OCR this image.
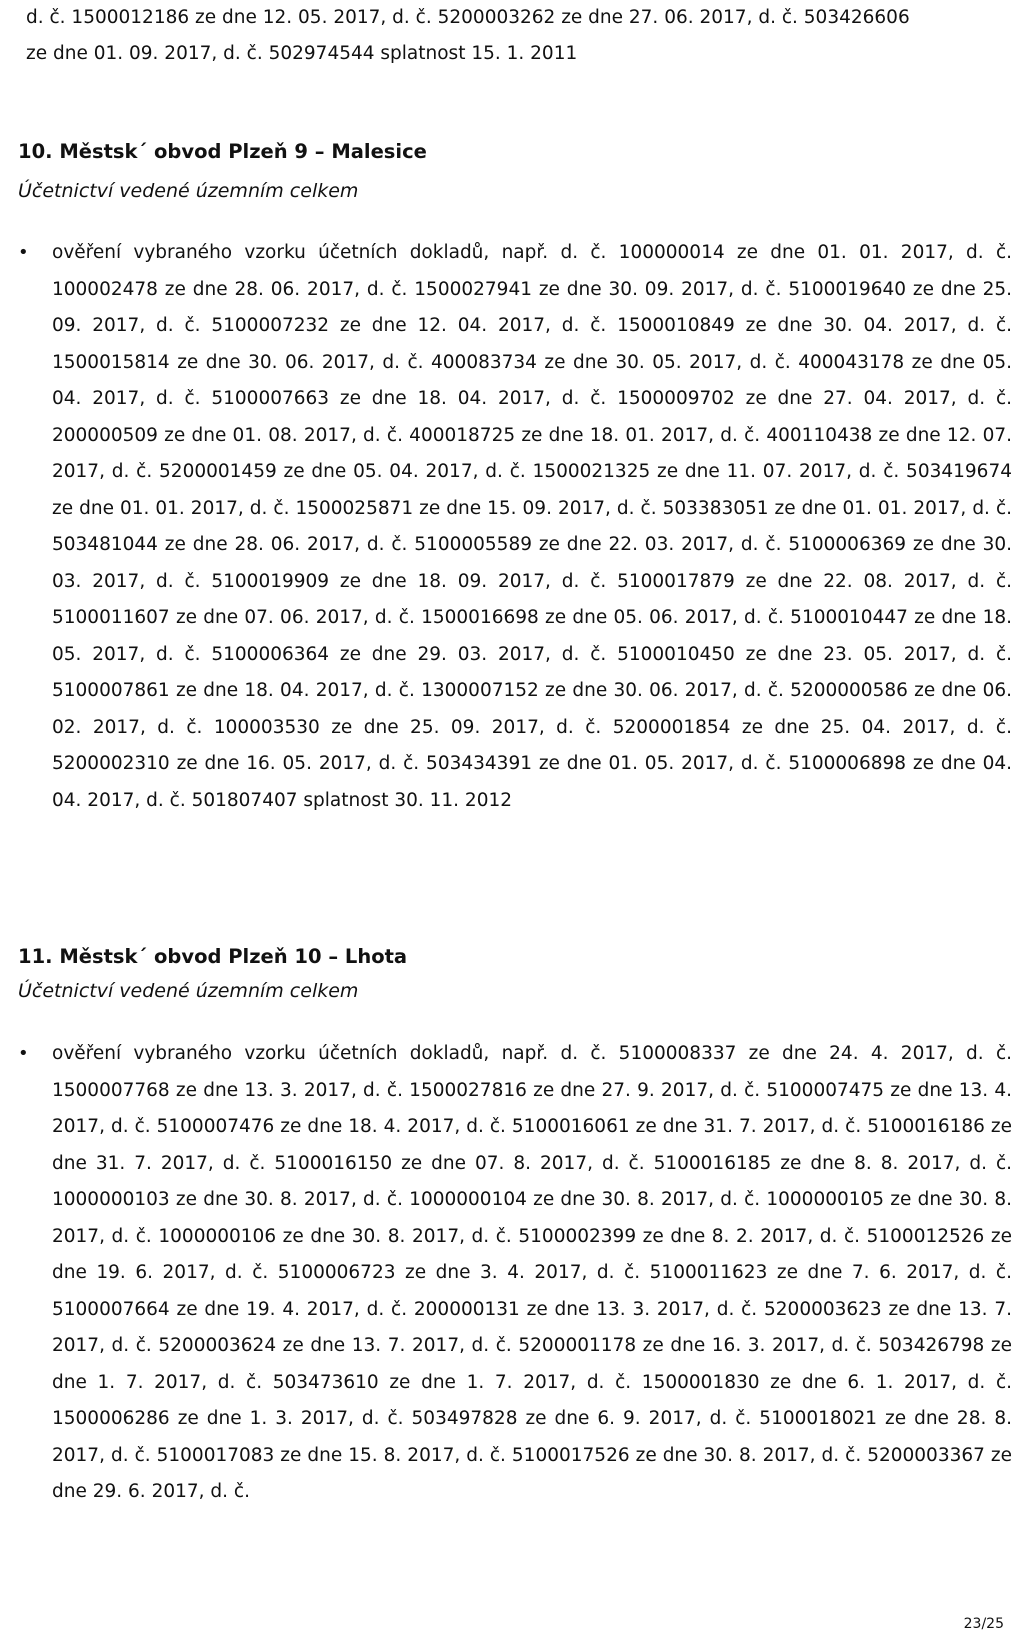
d. č. 1500012186 ze dne 12. 05. 2017, d. č. 5200003262 ze dne 27. 06. 2017, d. č. 503426606
ze dne 01. 09. 2017, d. č. 502974544 splatnost 15. 1. 2011
10. Městsk´ obvod Plzeň 9 – Malesice
Účetnictví vedené územním celkem
•	ověření vybraného vzorku účetních dokladů, např. d. č. 100000014 ze dne 01. 01. 2017, d. č. 100002478 ze dne 28. 06. 2017, d. č. 1500027941 ze dne 30. 09. 2017, d. č. 5100019640 ze dne 25. 09. 2017, d. č. 5100007232 ze dne 12. 04. 2017, d. č. 1500010849 ze dne 30. 04. 2017, d. č. 1500015814 ze dne 30. 06. 2017, d. č. 400083734 ze dne 30. 05. 2017, d. č. 400043178 ze dne 05. 04. 2017, d. č. 5100007663 ze dne 18. 04. 2017, d. č. 1500009702 ze dne 27. 04. 2017, d. č. 200000509 ze dne 01. 08. 2017, d. č. 400018725 ze dne 18. 01. 2017, d. č. 400110438 ze dne 12. 07. 2017, d. č. 5200001459 ze dne 05. 04. 2017, d. č. 1500021325 ze dne 11. 07. 2017, d. č. 503419674 ze dne 01. 01. 2017, d. č. 1500025871 ze dne 15. 09. 2017, d. č. 503383051 ze dne 01. 01. 2017, d. č. 503481044 ze dne 28. 06. 2017, d. č. 5100005589 ze dne 22. 03. 2017, d. č. 5100006369 ze dne 30. 03. 2017, d. č. 5100019909 ze dne 18. 09. 2017, d. č. 5100017879 ze dne 22. 08. 2017, d. č. 5100011607 ze dne 07. 06. 2017, d. č. 1500016698 ze dne 05. 06. 2017, d. č. 5100010447 ze dne 18. 05. 2017, d. č. 5100006364 ze dne 29. 03. 2017, d. č. 5100010450 ze dne 23. 05. 2017, d. č. 5100007861 ze dne 18. 04. 2017, d. č. 1300007152 ze dne 30. 06. 2017, d. č. 5200000586 ze dne 06. 02. 2017, d. č. 100003530 ze dne 25. 09. 2017, d. č. 5200001854 ze dne 25. 04. 2017, d. č. 5200002310 ze dne 16. 05. 2017, d. č. 503434391 ze dne 01. 05. 2017, d. č. 5100006898 ze dne 04. 04. 2017, d. č. 501807407 splatnost 30. 11. 2012

11. Městsk´ obvod Plzeň 10 – Lhota
Účetnictví vedené územním celkem
•	ověření vybraného vzorku účetních dokladů, např. d. č. 5100008337 ze dne 24. 4. 2017, d. č. 1500007768 ze dne 13. 3. 2017, d. č. 1500027816 ze dne 27. 9. 2017, d. č. 5100007475 ze dne 13. 4. 2017, d. č. 5100007476 ze dne 18. 4. 2017, d. č. 5100016061 ze dne 31. 7. 2017, d. č. 5100016186 ze dne 31. 7. 2017, d. č. 5100016150 ze dne 07. 8. 2017, d. č. 5100016185 ze dne 8. 8. 2017, d. č. 1000000103 ze dne 30. 8. 2017, d. č. 1000000104 ze dne 30. 8. 2017, d. č. 1000000105 ze dne 30. 8. 2017, d. č. 1000000106 ze dne 30. 8. 2017, d. č. 5100002399 ze dne 8. 2. 2017, d. č. 5100012526 ze dne 19. 6. 2017, d. č. 5100006723 ze dne 3. 4. 2017, d. č. 5100011623 ze dne 7. 6. 2017, d. č. 5100007664 ze dne 19. 4. 2017, d. č. 200000131 ze dne 13. 3. 2017, d. č. 5200003623 ze dne 13. 7. 2017, d. č. 5200003624 ze dne 13. 7. 2017, d. č. 5200001178 ze dne 16. 3. 2017, d. č. 503426798 ze dne 1. 7. 2017, d. č. 503473610 ze dne 1. 7. 2017, d. č. 1500001830 ze dne 6. 1. 2017, d. č. 1500006286 ze dne 1. 3. 2017, d. č. 503497828 ze dne 6. 9. 2017, d. č. 5100018021 ze dne 28. 8. 2017, d. č. 5100017083 ze dne 15. 8. 2017, d. č. 5100017526 ze dne 30. 8. 2017, d. č. 5200003367 ze dne 29. 6. 2017, d. č.

23/25
